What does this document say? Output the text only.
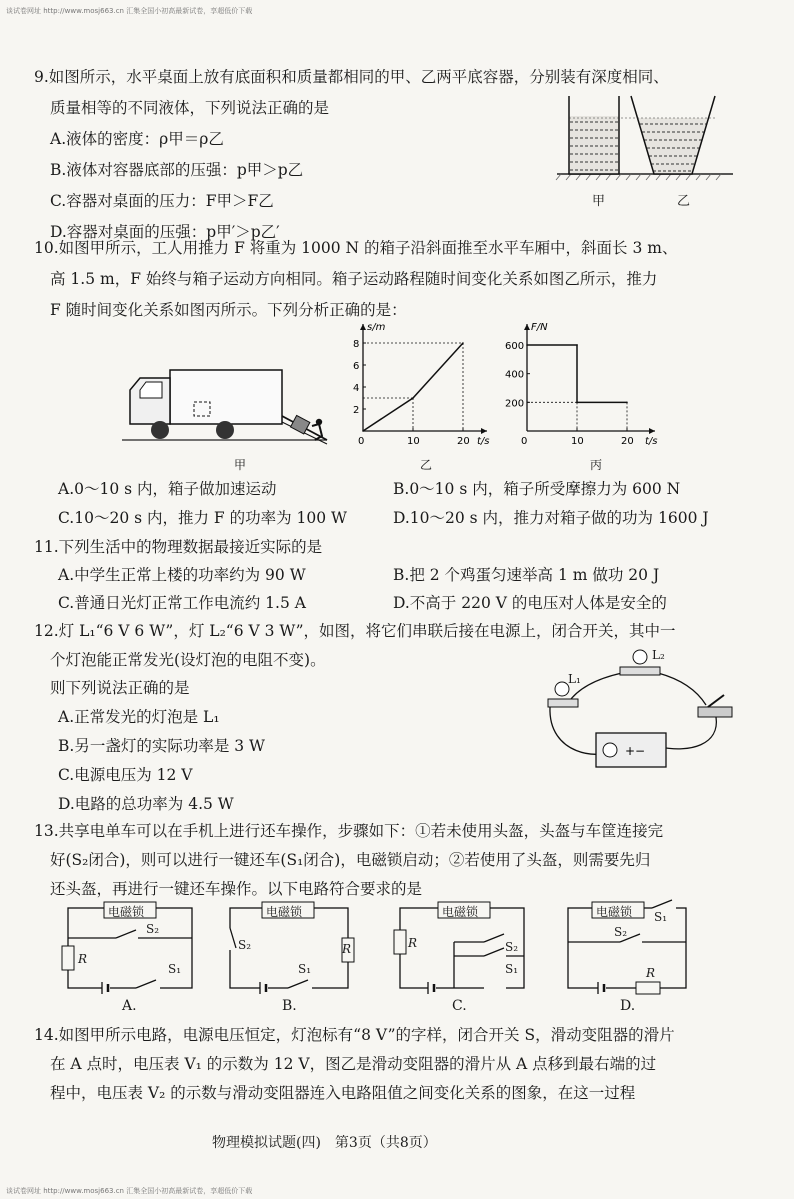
谈试卷网址 http://www.mosj663.cn 汇集全国小初高最新试卷，享超低价下载
9.如图所示，水平桌面上放有底面积和质量都相同的甲、乙两平底容器，分别装有深度相同、
质量相等的不同液体，下列说法正确的是
A.液体的密度：ρ甲＝ρ乙
B.液体对容器底部的压强：p甲＞p乙
C.容器对桌面的压力：F甲＞F乙
D.容器对桌面的压强：p甲′＞p乙′
甲	乙
10.如图甲所示，工人用推力 F 将重为 1000 N 的箱子沿斜面推至水平车厢中，斜面长 3 m、
高 1.5 m，F 始终与箱子运动方向相同。箱子运动路程随时间变化关系如图乙所示，推力
F 随时间变化关系如图丙所示。下列分析正确的是：
甲
10	20
2
4
6
8
s/m
t/s
0
乙
10	20
200
400
600
F/N
t/s
0
丙
A.0～10 s 内，箱子做加速运动	B.0～10 s 内，箱子所受摩擦力为 600 N
C.10～20 s 内，推力 F 的功率为 100 W	D.10～20 s 内，推力对箱子做的功为 1600 J
11.下列生活中的物理数据最接近实际的是
A.中学生正常上楼的功率约为 90 W	B.把 2 个鸡蛋匀速举高 1 m 做功 20 J
C.普通日光灯正常工作电流约 1.5 A	D.不高于 220 V 的电压对人体是安全的
12.灯 L₁“6 V 6 W”，灯 L₂“6 V 3 W”，如图，将它们串联后接在电源上，闭合开关，其中一
个灯泡能正常发光(设灯泡的电阻不变)。
则下列说法正确的是
A.正常发光的灯泡是 L₁
B.另一盏灯的实际功率是 3 W
C.电源电压为 12 V
D.电路的总功率为 4.5 W
+−
L₁
L₂
13.共享电单车可以在手机上进行还车操作，步骤如下：①若未使用头盔，头盔与车筐连接完
好(S₂闭合)，则可以进行一键还车(S₁闭合)，电磁锁启动；②若使用了头盔，则需要先归
还头盔，再进行一键还车操作。以下电路符合要求的是
电磁锁
R
S₂
S₁
A.
电磁锁
R
S₂
S₁
B.
电磁锁
R	S₂
S₁
C.
电磁锁 S₁
S₂
R
D.
14.如图甲所示电路，电源电压恒定，灯泡标有“8 V”的字样，闭合开关 S，滑动变阻器的滑片
在 A 点时，电压表 V₁ 的示数为 12 V，图乙是滑动变阻器的滑片从 A 点移到最右端的过
程中，电压表 V₂ 的示数与滑动变阻器连入电路阻值之间变化关系的图象，在这一过程
物理模拟试题(四)　第3页（共8页）
谈试卷网址 http://www.mosj663.cn 汇集全国小初高最新试卷，享超低价下载
